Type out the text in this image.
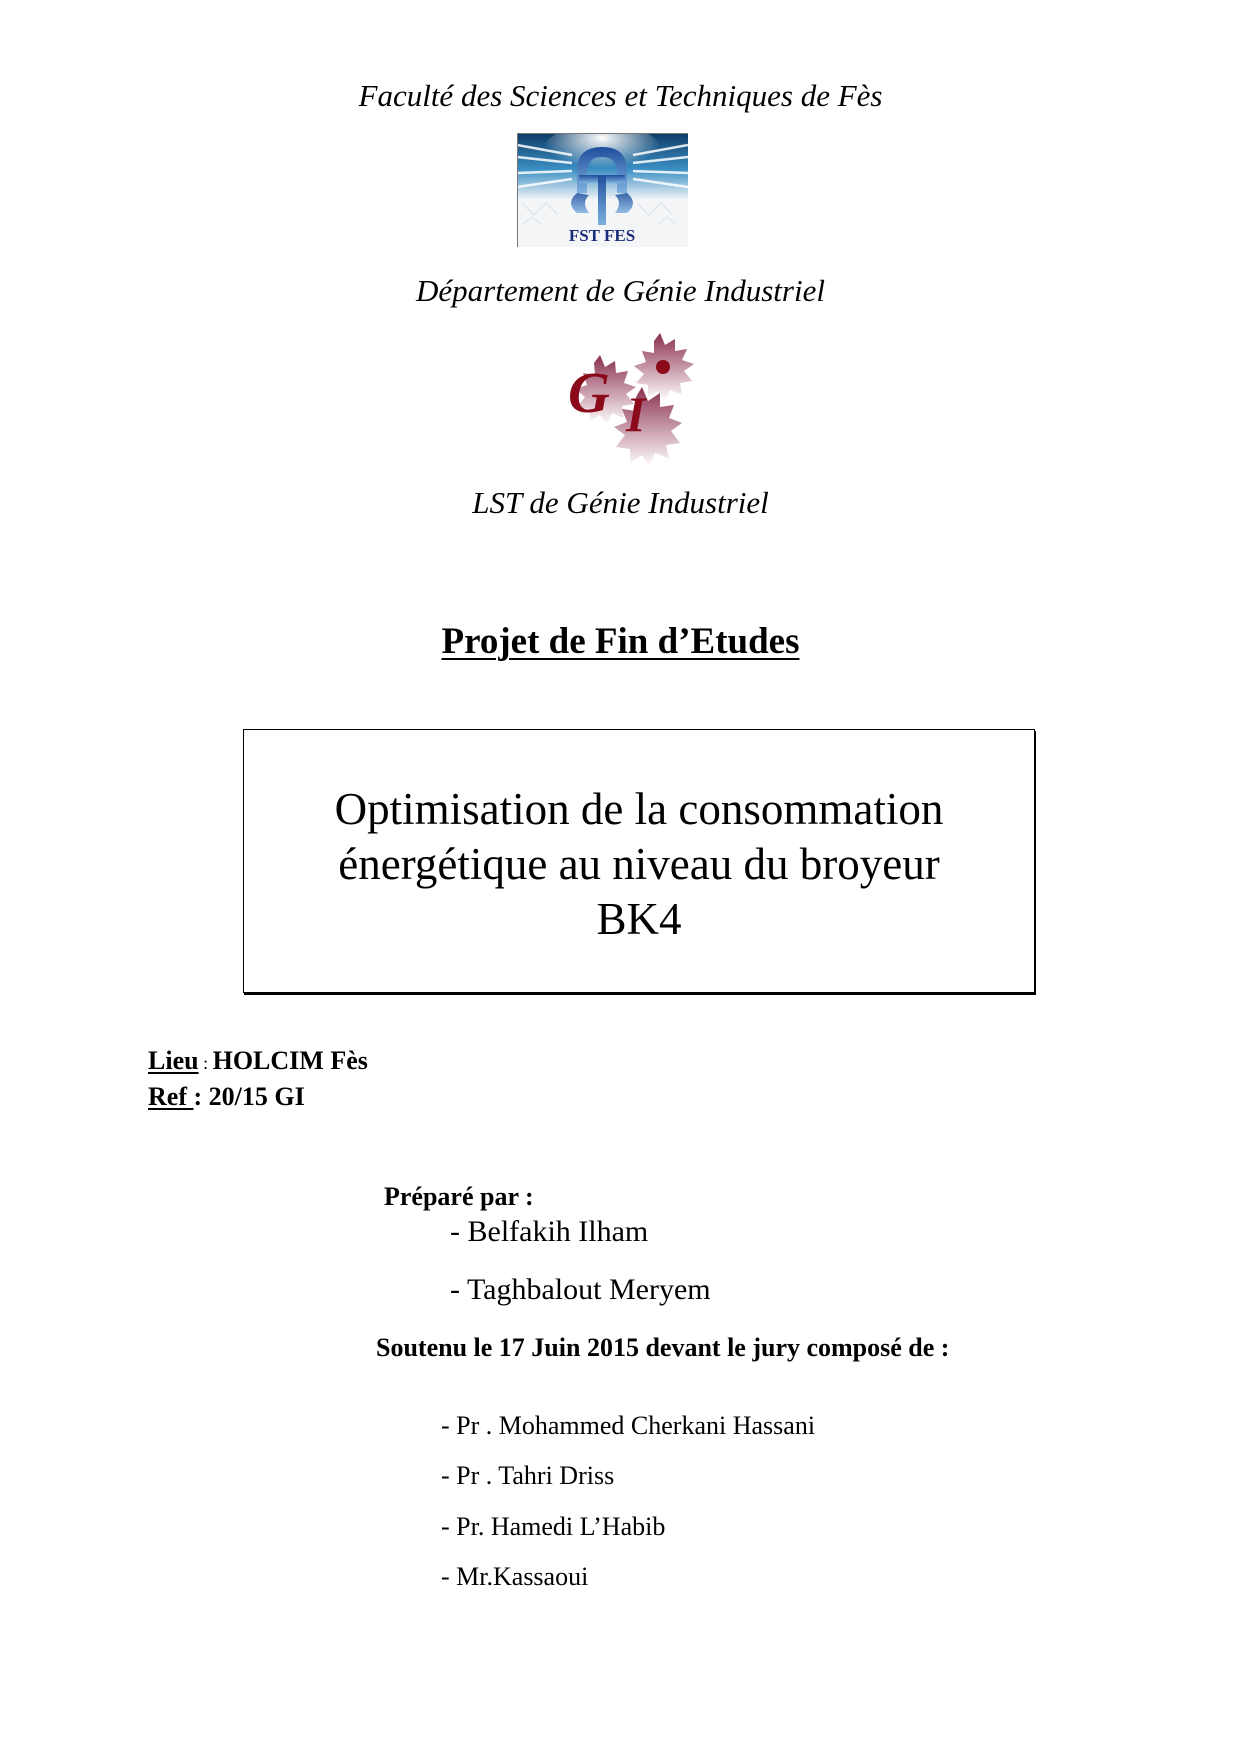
Faculté des Sciences et Techniques de Fès
FST FES
Département de Génie Industriel
G I
LST de Génie Industriel
Projet de Fin d’Etudes
Optimisation de la consommation
énergétique au niveau du broyeur
BK4
Lieu : HOLCIM Fès
Ref : 20/15 GI
Préparé par :
- Belfakih Ilham
- Taghbalout Meryem
Soutenu le 17 Juin 2015 devant le jury composé de :
- Pr . Mohammed Cherkani Hassani
- Pr . Tahri Driss
- Pr. Hamedi L’Habib
- Mr.Kassaoui
